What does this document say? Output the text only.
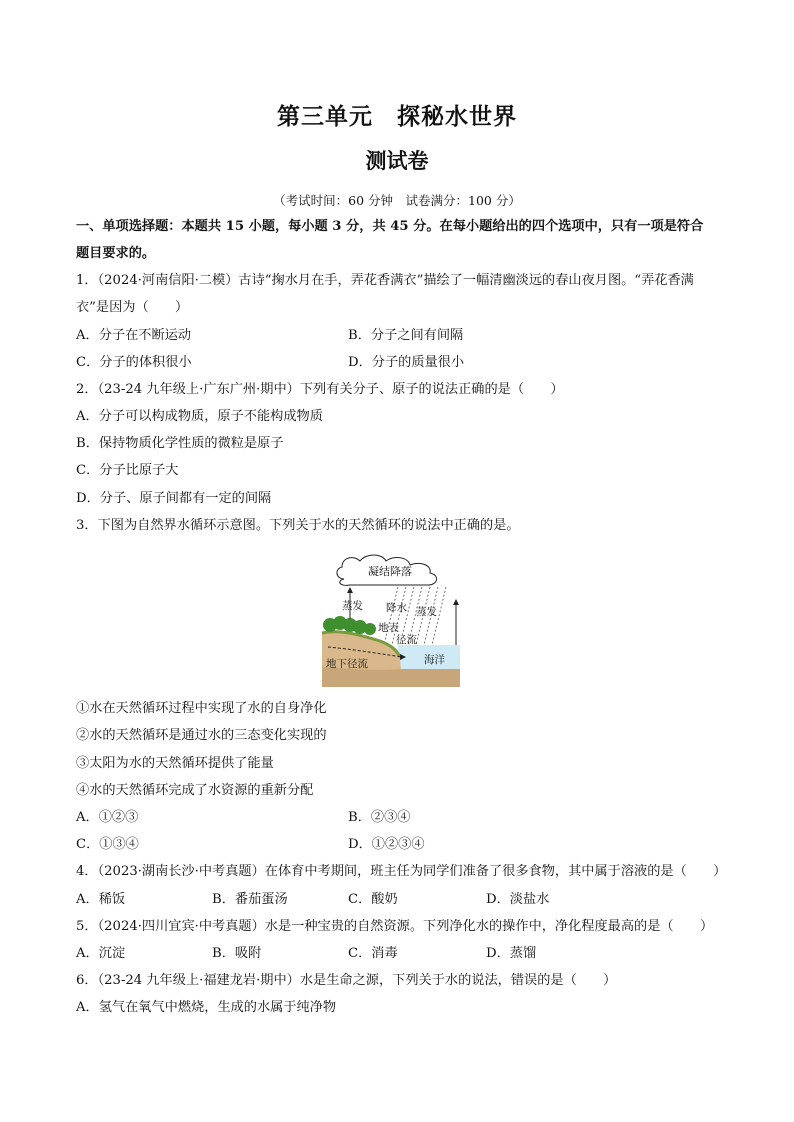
第三单元　探秘水世界
测试卷
（考试时间：60 分钟　试卷满分：100 分）
一、单项选择题：本题共 15 小题，每小题 3 分，共 45 分。在每小题给出的四个选项中，只有一项是符合
题目要求的。
1．（2024·河南信阳·二模）古诗“掬水月在手，弄花香满衣”描绘了一幅清幽淡远的春山夜月图。“弄花香满
衣”是因为（　　）
A．分子在不断运动	B．分子之间有间隔
C．分子的体积很小	D．分子的质量很小
2．（23-24 九年级上·广东广州·期中）下列有关分子、原子的说法正确的是（　　）
A．分子可以构成物质，原子不能构成物质
B．保持物质化学性质的微粒是原子
C．分子比原子大
D．分子、原子间都有一定的间隔
3．下图为自然界水循环示意图。下列关于水的天然循环的说法中正确的是。
凝结降落
蒸发 降水 蒸发
地表
径流
地下径流	海洋
①水在天然循环过程中实现了水的自身净化
②水的天然循环是通过水的三态变化实现的
③太阳为水的天然循环提供了能量
④水的天然循环完成了水资源的重新分配
A．①②③	B．②③④
C．①③④	D．①②③④
4．（2023·湖南长沙·中考真题）在体育中考期间，班主任为同学们准备了很多食物，其中属于溶液的是（　　）
A．稀饭	B．番茄蛋汤	C．酸奶	D．淡盐水
5．（2024·四川宜宾·中考真题）水是一种宝贵的自然资源。下列净化水的操作中，净化程度最高的是（　　）
A．沉淀	B．吸附	C．消毒	D．蒸馏
6．（23-24 九年级上·福建龙岩·期中）水是生命之源，下列关于水的说法，错误的是（　　）
A．氢气在氧气中燃烧，生成的水属于纯净物
